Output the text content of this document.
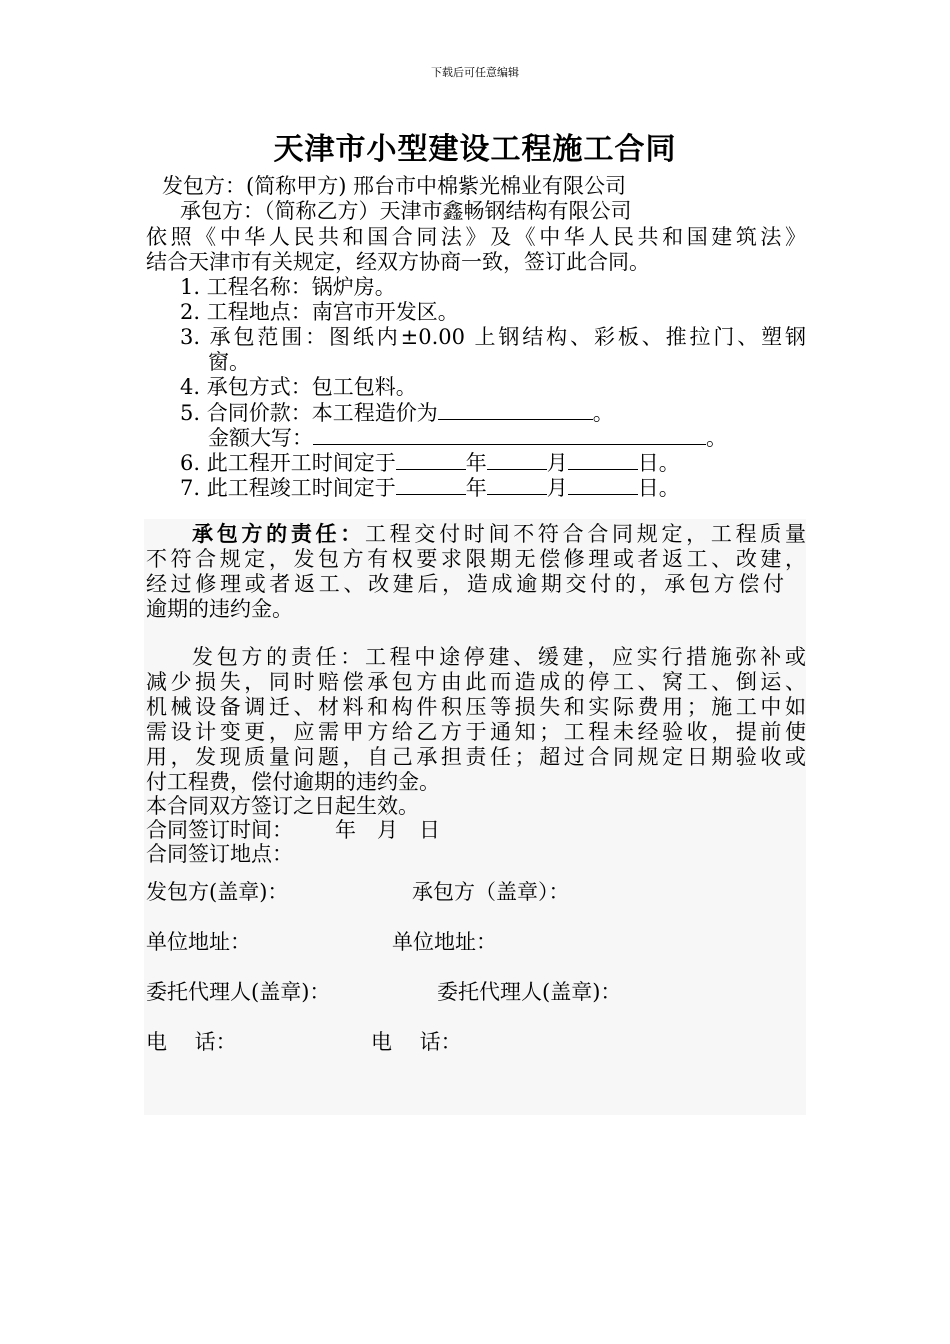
下载后可任意编辑
天津市小型建设工程施工合同
发包方：(简称甲方) 邢台市中棉紫光棉业有限公司
承包方：（简称乙方）天津市鑫畅钢结构有限公司
依照《中华人民共和国合同法》及《中华人民共和国建筑法》
结合天津市有关规定，经双方协商一致，签订此合同。
1. 工程名称：锅炉房。
2. 工程地点：南宫市开发区。
3. 承包范围：图纸内±0.00 上钢结构、彩板、推拉门、塑钢
窗。
4. 承包方式：包工包料。
5. 合同价款：本工程造价为	。
金额大写：	。
6. 此工程开工时间定于	年	月	日。
7. 此工程竣工时间定于	年	月	日。
承包方的责任：工程交付时间不符合合同规定，工程质量
不符合规定，发包方有权要求限期无偿修理或者返工、改建，
经过修理或者返工、改建后，造成逾期交付的，承包方偿付
逾期的违约金。
发包方的责任：工程中途停建、缓建，应实行措施弥补或
减少损失，同时赔偿承包方由此而造成的停工、窝工、倒运、
机械设备调迁、材料和构件积压等损失和实际费用；施工中如
需设计变更，应需甲方给乙方于通知；工程未经验收，提前使
用，发现质量问题，自己承担责任；超过合同规定日期验收或
付工程费，偿付逾期的违约金。
本合同双方签订之日起生效。
合同签订时间： 年　月　日
合同签订地点：
发包方(盖章)：	承包方（盖章）：
单位地址：	单位地址：
委托代理人(盖章)：	委托代理人(盖章)：
电　 话：	电　 话：
